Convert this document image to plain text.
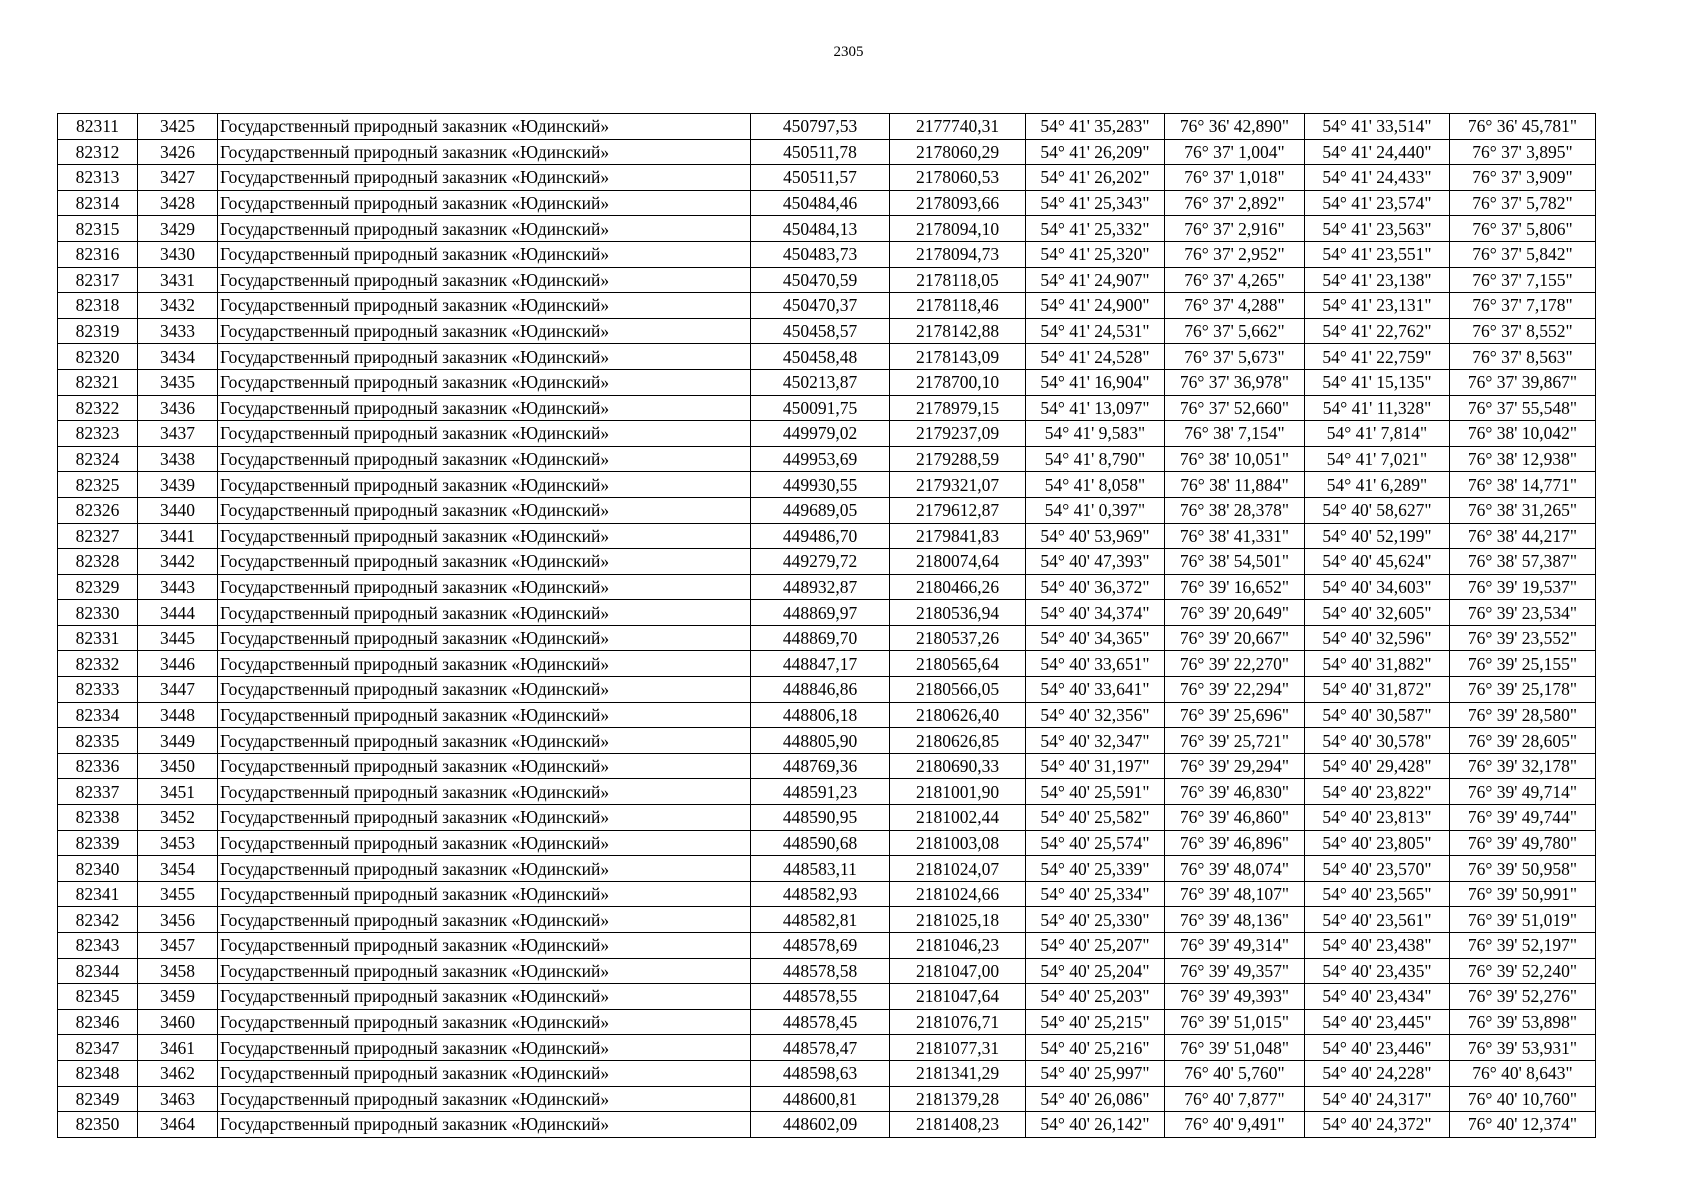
2305
82311	3425	Государственный природный заказник «Юдинский»	450797,53	2177740,31	54° 41' 35,283"	76° 36' 42,890"	54° 41' 33,514"	76° 36' 45,781"
82312	3426	Государственный природный заказник «Юдинский»	450511,78	2178060,29	54° 41' 26,209"	76° 37' 1,004"	54° 41' 24,440"	76° 37' 3,895"
82313	3427	Государственный природный заказник «Юдинский»	450511,57	2178060,53	54° 41' 26,202"	76° 37' 1,018"	54° 41' 24,433"	76° 37' 3,909"
82314	3428	Государственный природный заказник «Юдинский»	450484,46	2178093,66	54° 41' 25,343"	76° 37' 2,892"	54° 41' 23,574"	76° 37' 5,782"
82315	3429	Государственный природный заказник «Юдинский»	450484,13	2178094,10	54° 41' 25,332"	76° 37' 2,916"	54° 41' 23,563"	76° 37' 5,806"
82316	3430	Государственный природный заказник «Юдинский»	450483,73	2178094,73	54° 41' 25,320"	76° 37' 2,952"	54° 41' 23,551"	76° 37' 5,842"
82317	3431	Государственный природный заказник «Юдинский»	450470,59	2178118,05	54° 41' 24,907"	76° 37' 4,265"	54° 41' 23,138"	76° 37' 7,155"
82318	3432	Государственный природный заказник «Юдинский»	450470,37	2178118,46	54° 41' 24,900"	76° 37' 4,288"	54° 41' 23,131"	76° 37' 7,178"
82319	3433	Государственный природный заказник «Юдинский»	450458,57	2178142,88	54° 41' 24,531"	76° 37' 5,662"	54° 41' 22,762"	76° 37' 8,552"
82320	3434	Государственный природный заказник «Юдинский»	450458,48	2178143,09	54° 41' 24,528"	76° 37' 5,673"	54° 41' 22,759"	76° 37' 8,563"
82321	3435	Государственный природный заказник «Юдинский»	450213,87	2178700,10	54° 41' 16,904"	76° 37' 36,978"	54° 41' 15,135"	76° 37' 39,867"
82322	3436	Государственный природный заказник «Юдинский»	450091,75	2178979,15	54° 41' 13,097"	76° 37' 52,660"	54° 41' 11,328"	76° 37' 55,548"
82323	3437	Государственный природный заказник «Юдинский»	449979,02	2179237,09	54° 41' 9,583"	76° 38' 7,154"	54° 41' 7,814"	76° 38' 10,042"
82324	3438	Государственный природный заказник «Юдинский»	449953,69	2179288,59	54° 41' 8,790"	76° 38' 10,051"	54° 41' 7,021"	76° 38' 12,938"
82325	3439	Государственный природный заказник «Юдинский»	449930,55	2179321,07	54° 41' 8,058"	76° 38' 11,884"	54° 41' 6,289"	76° 38' 14,771"
82326	3440	Государственный природный заказник «Юдинский»	449689,05	2179612,87	54° 41' 0,397"	76° 38' 28,378"	54° 40' 58,627"	76° 38' 31,265"
82327	3441	Государственный природный заказник «Юдинский»	449486,70	2179841,83	54° 40' 53,969"	76° 38' 41,331"	54° 40' 52,199"	76° 38' 44,217"
82328	3442	Государственный природный заказник «Юдинский»	449279,72	2180074,64	54° 40' 47,393"	76° 38' 54,501"	54° 40' 45,624"	76° 38' 57,387"
82329	3443	Государственный природный заказник «Юдинский»	448932,87	2180466,26	54° 40' 36,372"	76° 39' 16,652"	54° 40' 34,603"	76° 39' 19,537"
82330	3444	Государственный природный заказник «Юдинский»	448869,97	2180536,94	54° 40' 34,374"	76° 39' 20,649"	54° 40' 32,605"	76° 39' 23,534"
82331	3445	Государственный природный заказник «Юдинский»	448869,70	2180537,26	54° 40' 34,365"	76° 39' 20,667"	54° 40' 32,596"	76° 39' 23,552"
82332	3446	Государственный природный заказник «Юдинский»	448847,17	2180565,64	54° 40' 33,651"	76° 39' 22,270"	54° 40' 31,882"	76° 39' 25,155"
82333	3447	Государственный природный заказник «Юдинский»	448846,86	2180566,05	54° 40' 33,641"	76° 39' 22,294"	54° 40' 31,872"	76° 39' 25,178"
82334	3448	Государственный природный заказник «Юдинский»	448806,18	2180626,40	54° 40' 32,356"	76° 39' 25,696"	54° 40' 30,587"	76° 39' 28,580"
82335	3449	Государственный природный заказник «Юдинский»	448805,90	2180626,85	54° 40' 32,347"	76° 39' 25,721"	54° 40' 30,578"	76° 39' 28,605"
82336	3450	Государственный природный заказник «Юдинский»	448769,36	2180690,33	54° 40' 31,197"	76° 39' 29,294"	54° 40' 29,428"	76° 39' 32,178"
82337	3451	Государственный природный заказник «Юдинский»	448591,23	2181001,90	54° 40' 25,591"	76° 39' 46,830"	54° 40' 23,822"	76° 39' 49,714"
82338	3452	Государственный природный заказник «Юдинский»	448590,95	2181002,44	54° 40' 25,582"	76° 39' 46,860"	54° 40' 23,813"	76° 39' 49,744"
82339	3453	Государственный природный заказник «Юдинский»	448590,68	2181003,08	54° 40' 25,574"	76° 39' 46,896"	54° 40' 23,805"	76° 39' 49,780"
82340	3454	Государственный природный заказник «Юдинский»	448583,11	2181024,07	54° 40' 25,339"	76° 39' 48,074"	54° 40' 23,570"	76° 39' 50,958"
82341	3455	Государственный природный заказник «Юдинский»	448582,93	2181024,66	54° 40' 25,334"	76° 39' 48,107"	54° 40' 23,565"	76° 39' 50,991"
82342	3456	Государственный природный заказник «Юдинский»	448582,81	2181025,18	54° 40' 25,330"	76° 39' 48,136"	54° 40' 23,561"	76° 39' 51,019"
82343	3457	Государственный природный заказник «Юдинский»	448578,69	2181046,23	54° 40' 25,207"	76° 39' 49,314"	54° 40' 23,438"	76° 39' 52,197"
82344	3458	Государственный природный заказник «Юдинский»	448578,58	2181047,00	54° 40' 25,204"	76° 39' 49,357"	54° 40' 23,435"	76° 39' 52,240"
82345	3459	Государственный природный заказник «Юдинский»	448578,55	2181047,64	54° 40' 25,203"	76° 39' 49,393"	54° 40' 23,434"	76° 39' 52,276"
82346	3460	Государственный природный заказник «Юдинский»	448578,45	2181076,71	54° 40' 25,215"	76° 39' 51,015"	54° 40' 23,445"	76° 39' 53,898"
82347	3461	Государственный природный заказник «Юдинский»	448578,47	2181077,31	54° 40' 25,216"	76° 39' 51,048"	54° 40' 23,446"	76° 39' 53,931"
82348	3462	Государственный природный заказник «Юдинский»	448598,63	2181341,29	54° 40' 25,997"	76° 40' 5,760"	54° 40' 24,228"	76° 40' 8,643"
82349	3463	Государственный природный заказник «Юдинский»	448600,81	2181379,28	54° 40' 26,086"	76° 40' 7,877"	54° 40' 24,317"	76° 40' 10,760"
82350	3464	Государственный природный заказник «Юдинский»	448602,09	2181408,23	54° 40' 26,142"	76° 40' 9,491"	54° 40' 24,372"	76° 40' 12,374"
